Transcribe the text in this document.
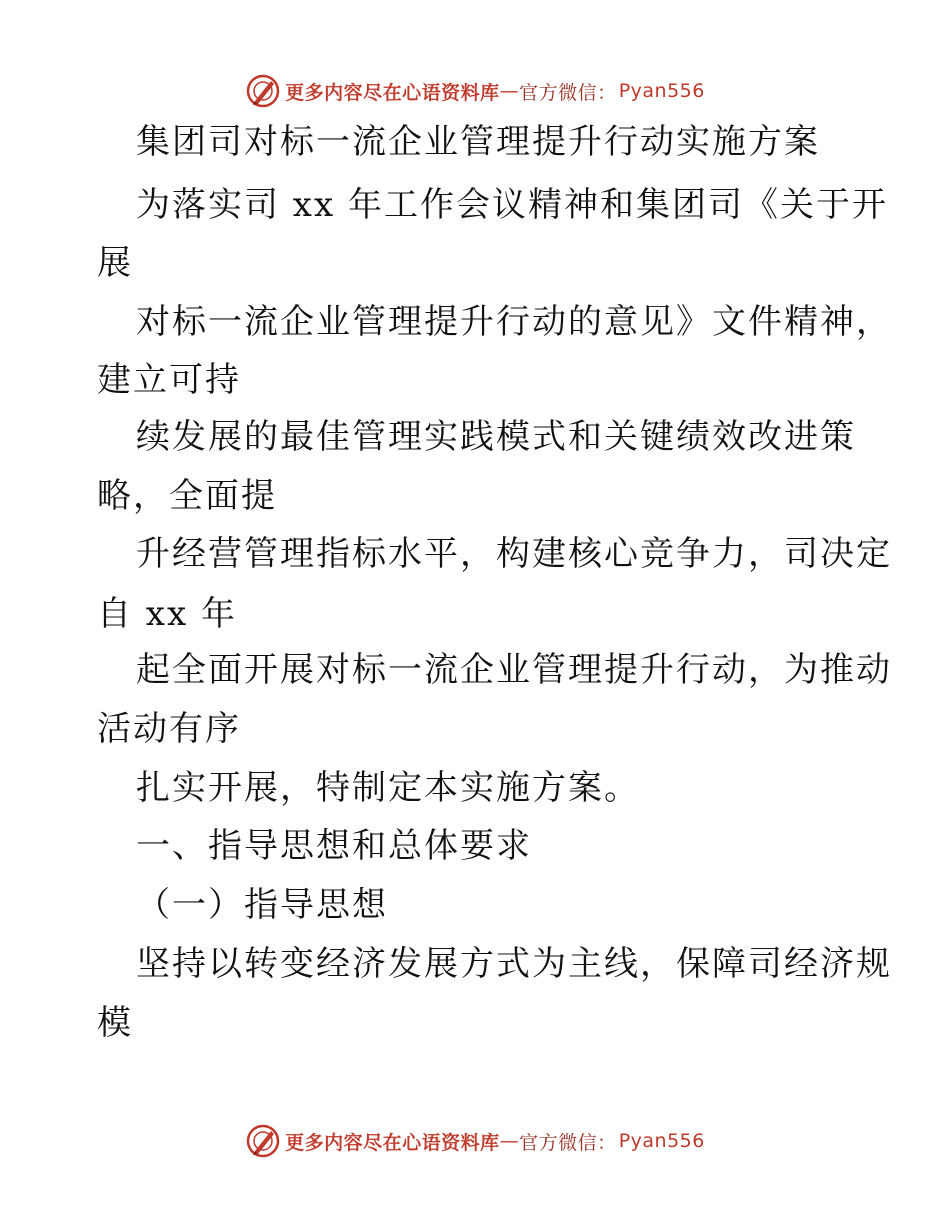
更多内容尽在心语资料库 — 官方微信： Pyan556
集团司对标一流企业管理提升行动实施方案
为落实司 xx 年工作会议精神和集团司《关于开
展
对标一流企业管理提升行动的意见》文件精神，
建立可持
续发展的最佳管理实践模式和关键绩效改进策
略，全面提
升经营管理指标水平，构建核心竞争力，司决定
自 xx 年
起全面开展对标一流企业管理提升行动，为推动
活动有序
扎实开展，特制定本实施方案。
一、指导思想和总体要求
（一）指导思想
坚持以转变经济发展方式为主线，保障司经济规
模
更多内容尽在心语资料库 — 官方微信： Pyan556
